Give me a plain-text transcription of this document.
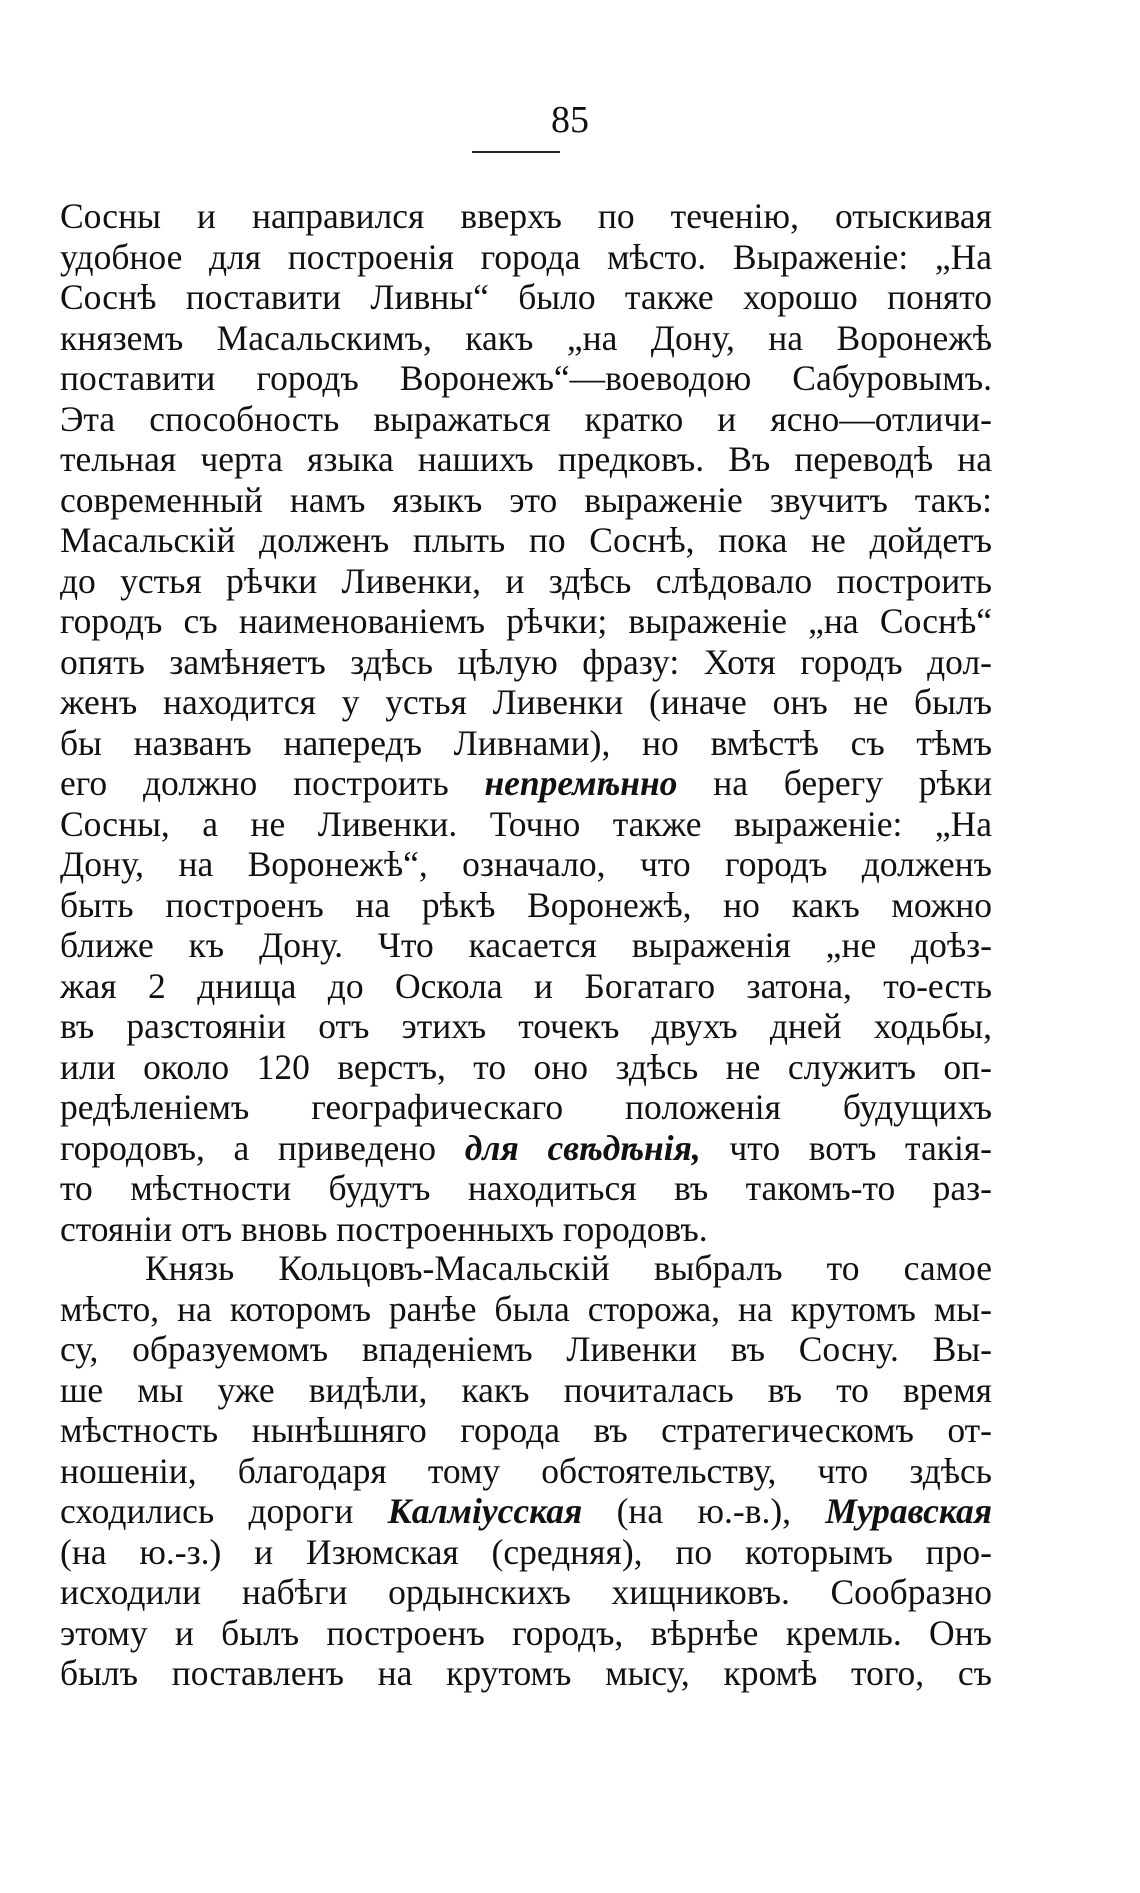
85
Сосны и направился вверхъ по теченію, отыскивая
удобное для построенія города мѣсто. Выраженіе: „На
Соснѣ поставити Ливны“ было также хорошо понято
княземъ Масальскимъ, какъ „на Дону, на Воронежѣ
поставити городъ Воронежъ“—воеводою Сабуровымъ.
Эта способность выражаться кратко и ясно—отличи-
тельная черта языка нашихъ предковъ. Въ переводѣ на
современный намъ языкъ это выраженіе звучитъ такъ:
Масальскій долженъ плыть по Соснѣ, пока не дойдетъ
до устья рѣчки Ливенки, и здѣсь слѣдовало построить
городъ съ наименованіемъ рѣчки; выраженіе „на Соснѣ“
опять замѣняетъ здѣсь цѣлую фразу: Хотя городъ дол-
женъ находится у устья Ливенки (иначе онъ не былъ
бы названъ напередъ Ливнами), но вмѣстѣ съ тѣмъ
его должно построить непремѣнно на берегу рѣки
Сосны, а не Ливенки. Точно также выраженіе: „На
Дону, на Воронежѣ“, означало, что городъ долженъ
быть построенъ на рѣкѣ Воронежѣ, но какъ можно
ближе къ Дону. Что касается выраженія „не доѣз-
жая 2 днища до Оскола и Богатаго затона, то-есть
въ разстояніи отъ этихъ точекъ двухъ дней ходьбы,
или около 120 верстъ, то оно здѣсь не служитъ оп-
редѣленіемъ географическаго положенія будущихъ
городовъ, а приведено для свѣдѣнія, что вотъ такія-
то мѣстности будутъ находиться въ такомъ-то раз-
стояніи отъ вновь построенныхъ городовъ.
Князь Кольцовъ-Масальскій выбралъ то самое
мѣсто, на которомъ ранѣе была сторожа, на крутомъ мы-
су, образуемомъ впаденіемъ Ливенки въ Сосну. Вы-
ше мы уже видѣли, какъ почиталась въ то время
мѣстность нынѣшняго города въ стратегическомъ от-
ношеніи, благодаря тому обстоятельству, что здѣсь
сходились дороги Калміусская (на ю.-в.), Муравская
(на ю.-з.) и Изюмская (средняя), по которымъ про-
исходили набѣги ордынскихъ хищниковъ. Сообразно
этому и былъ построенъ городъ, вѣрнѣе кремль. Онъ
былъ поставленъ на крутомъ мысу, кромѣ того, съ
